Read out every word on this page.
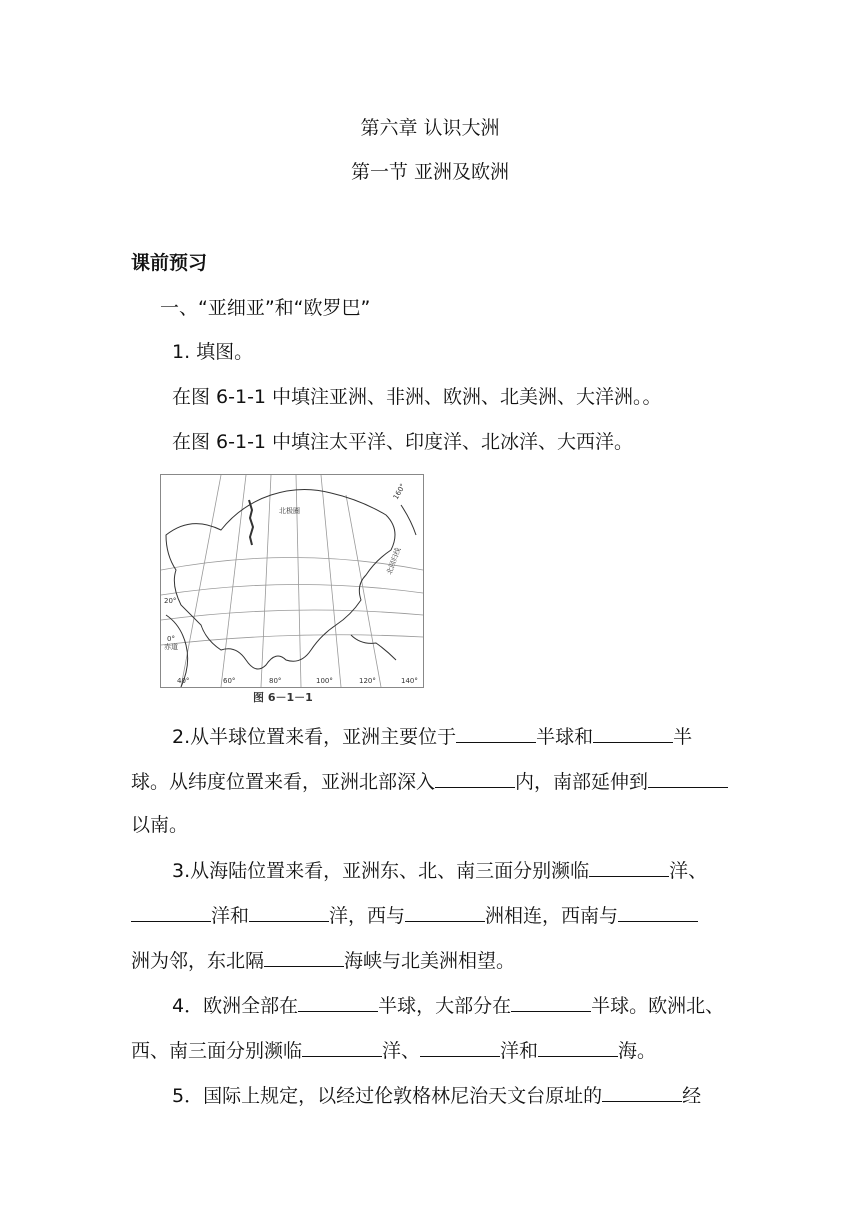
第六章 认识大洲
第一节 亚洲及欧洲
课前预习
一、“亚细亚”和“欧罗巴”
1. 填图。
在图 6-1-1 中填注亚洲、非洲、欧洲、北美洲、大洋洲。。
在图 6-1-1 中填注太平洋、印度洋、北冰洋、大西洋。
北极圈
北回归线
赤道
20°
0°
40°	60°	80°	100°	120°	140°
160°
图 6－1－1
2.从半球位置来看，亚洲主要位于	半球和	半
球。从纬度位置来看，亚洲北部深入	内，南部延伸到
以南。
3.从海陆位置来看，亚洲东、北、南三面分别濒临	洋、
洋和	洋，西与	洲相连，西南与
洲为邻，东北隔	海峡与北美洲相望。
4．欧洲全部在	半球，大部分在	半球。欧洲北、
西、南三面分别濒临	洋、	洋和	海。
5．国际上规定，以经过伦敦格林尼治天文台原址的	经
